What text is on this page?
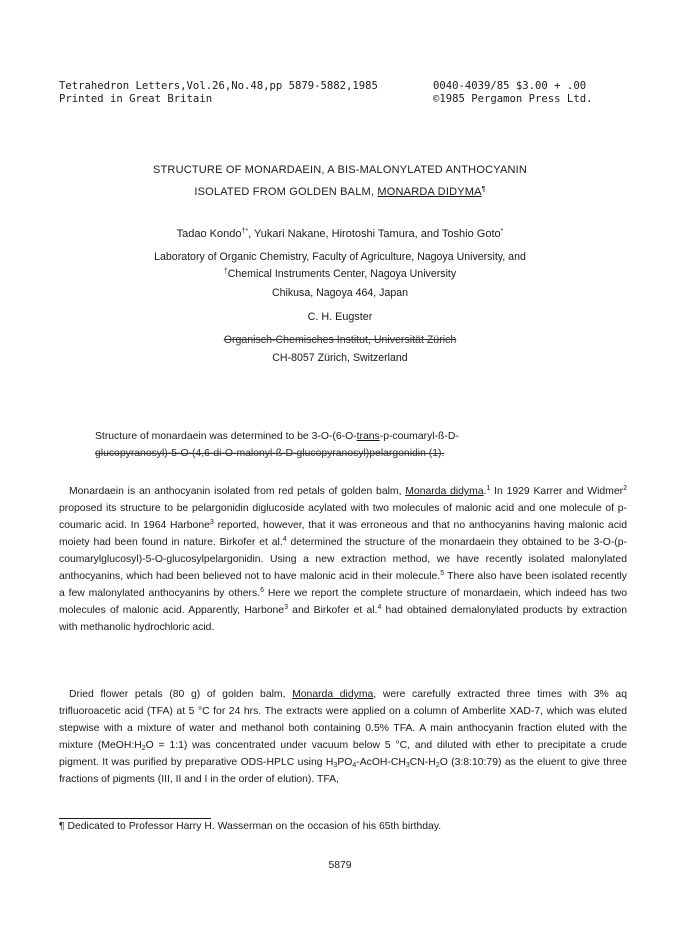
Tetrahedron Letters,Vol.26,No.48,pp 5879-5882,1985
Printed in Great Britain
0040-4039/85 $3.00 + .00
©1985 Pergamon Press Ltd.
STRUCTURE OF MONARDAEIN, A BIS-MALONYLATED ANTHOCYANIN
ISOLATED FROM GOLDEN BALM, MONARDA DIDYMA¶
Tadao Kondo†*, Yukari Nakane, Hirotoshi Tamura, and Toshio Goto*
Laboratory of Organic Chemistry, Faculty of Agriculture, Nagoya University, and
†Chemical Instruments Center, Nagoya University
Chikusa, Nagoya 464, Japan
C. H. Eugster
Organisch-Chemisches Institut, Universität Zürich
CH-8057 Zürich, Switzerland
Structure of monardaein was determined to be 3-O-(6-O-trans-p-coumaryl-ß-D-
glucopyranosyl)-5-O-(4,6-di-O-malonyl-ß-D-glucopyranosyl)pelargonidin (1).
Monardaein is an anthocyanin isolated from red petals of golden balm, Monarda didyma.$^1$ In 1929 Karrer and Widmer$^2$ proposed its structure to be pelargonidin diglucoside acylated with two molecules of malonic acid and one molecule of p-coumaric acid. In 1964 Harbone$^3$ reported, however, that it was erroneous and that no anthocyanins having malonic acid moiety had been found in nature. Birkofer et al.$^4$ determined the structure of the monardaein they obtained to be 3-O-(p-coumarylglucosyl)-5-O-glucosylpelargonidin. Using a new extraction method, we have recently isolated malonylated anthocyanins, which had been believed not to have malonic acid in their molecule.$^5$ There also have been isolated recently a few malonylated anthocyanins by others.$^6$ Here we report the complete structure of monardaein, which indeed has two molecules of malonic acid. Apparently, Harbone$^3$ and Birkofer et al.$^4$ had obtained demalonylated products by extraction with methanolic hydrochloric acid.
Dried flower petals (80 g) of golden balm, Monarda didyma, were carefully extracted three times with 3% aq trifluoroacetic acid (TFA) at 5 °C for 24 hrs. The extracts were applied on a column of Amberlite XAD-7, which was eluted stepwise with a mixture of water and methanol both containing 0.5% TFA. A main anthocyanin fraction eluted with the mixture ($MeOH:H_2O$ = 1:1) was concentrated under vacuum below 5 °C, and diluted with ether to precipitate a crude pigment. It was purified by preparative ODS-HPLC using $H_3PO_4-AcOH-CH_3CN-H_2O$ (3:8:10:79) as the eluent to give three fractions of pigments (III, II and I in the order of elution). TFA,
¶ Dedicated to Professor Harry H. Wasserman on the occasion of his 65th birthday.
5879
